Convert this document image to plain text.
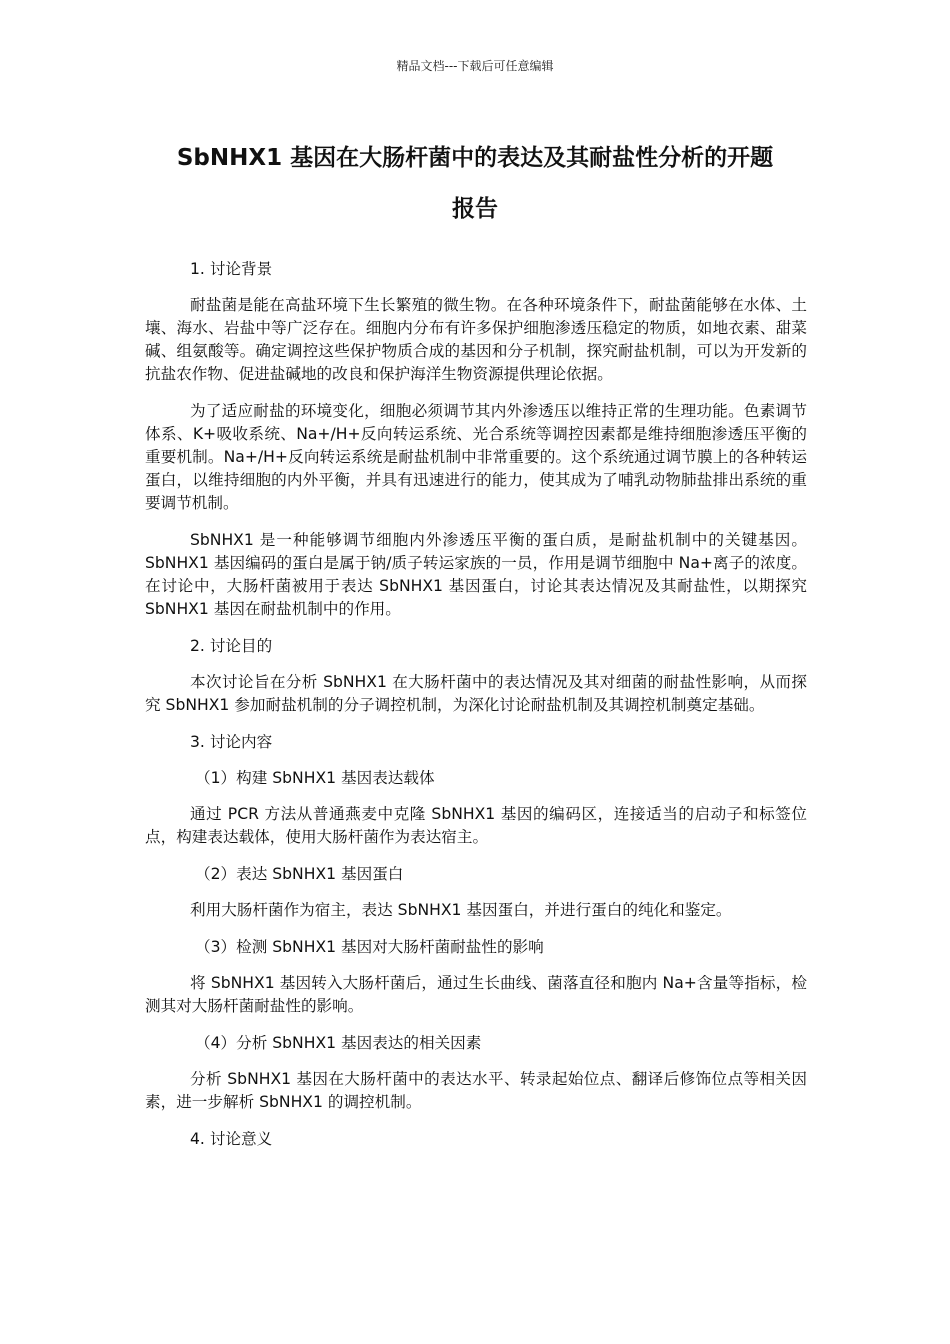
精品文档---下载后可任意编辑
SbNHX1 基因在大肠杆菌中的表达及其耐盐性分析的开题
报告

1. 讨论背景

耐盐菌是能在高盐环境下生长繁殖的微生物。在各种环境条件下，耐盐菌能够在水体、土壤、海水、岩盐中等广泛存在。细胞内分布有许多保护细胞渗透压稳定的物质，如地衣素、甜菜碱、组氨酸等。确定调控这些保护物质合成的基因和分子机制，探究耐盐机制，可以为开发新的抗盐农作物、促进盐碱地的改良和保护海洋生物资源提供理论依据。

为了适应耐盐的环境变化，细胞必须调节其内外渗透压以维持正常的生理功能。色素调节体系、K+吸收系统、Na+/H+反向转运系统、光合系统等调控因素都是维持细胞渗透压平衡的重要机制。Na+/H+反向转运系统是耐盐机制中非常重要的。这个系统通过调节膜上的各种转运蛋白，以维持细胞的内外平衡，并具有迅速进行的能力，使其成为了哺乳动物肺盐排出系统的重要调节机制。

SbNHX1 是一种能够调节细胞内外渗透压平衡的蛋白质，是耐盐机制中的关键基因。 SbNHX1 基因编码的蛋白是属于钠/质子转运家族的一员，作用是调节细胞中 Na+离子的浓度。在讨论中，大肠杆菌被用于表达 SbNHX1 基因蛋白，讨论其表达情况及其耐盐性，以期探究 SbNHX1 基因在耐盐机制中的作用。

2. 讨论目的

本次讨论旨在分析 SbNHX1 在大肠杆菌中的表达情况及其对细菌的耐盐性影响，从而探究 SbNHX1 参加耐盐机制的分子调控机制，为深化讨论耐盐机制及其调控机制奠定基础。

3. 讨论内容

（1）构建 SbNHX1 基因表达载体

通过 PCR 方法从普通燕麦中克隆 SbNHX1 基因的编码区，连接适当的启动子和标签位点，构建表达载体，使用大肠杆菌作为表达宿主。

（2）表达 SbNHX1 基因蛋白

利用大肠杆菌作为宿主，表达 SbNHX1 基因蛋白，并进行蛋白的纯化和鉴定。

（3）检测 SbNHX1 基因对大肠杆菌耐盐性的影响

将 SbNHX1 基因转入大肠杆菌后，通过生长曲线、菌落直径和胞内 Na+含量等指标，检测其对大肠杆菌耐盐性的影响。

（4）分析 SbNHX1 基因表达的相关因素

分析 SbNHX1 基因在大肠杆菌中的表达水平、转录起始位点、翻译后修饰位点等相关因素，进一步解析 SbNHX1 的调控机制。

4. 讨论意义
